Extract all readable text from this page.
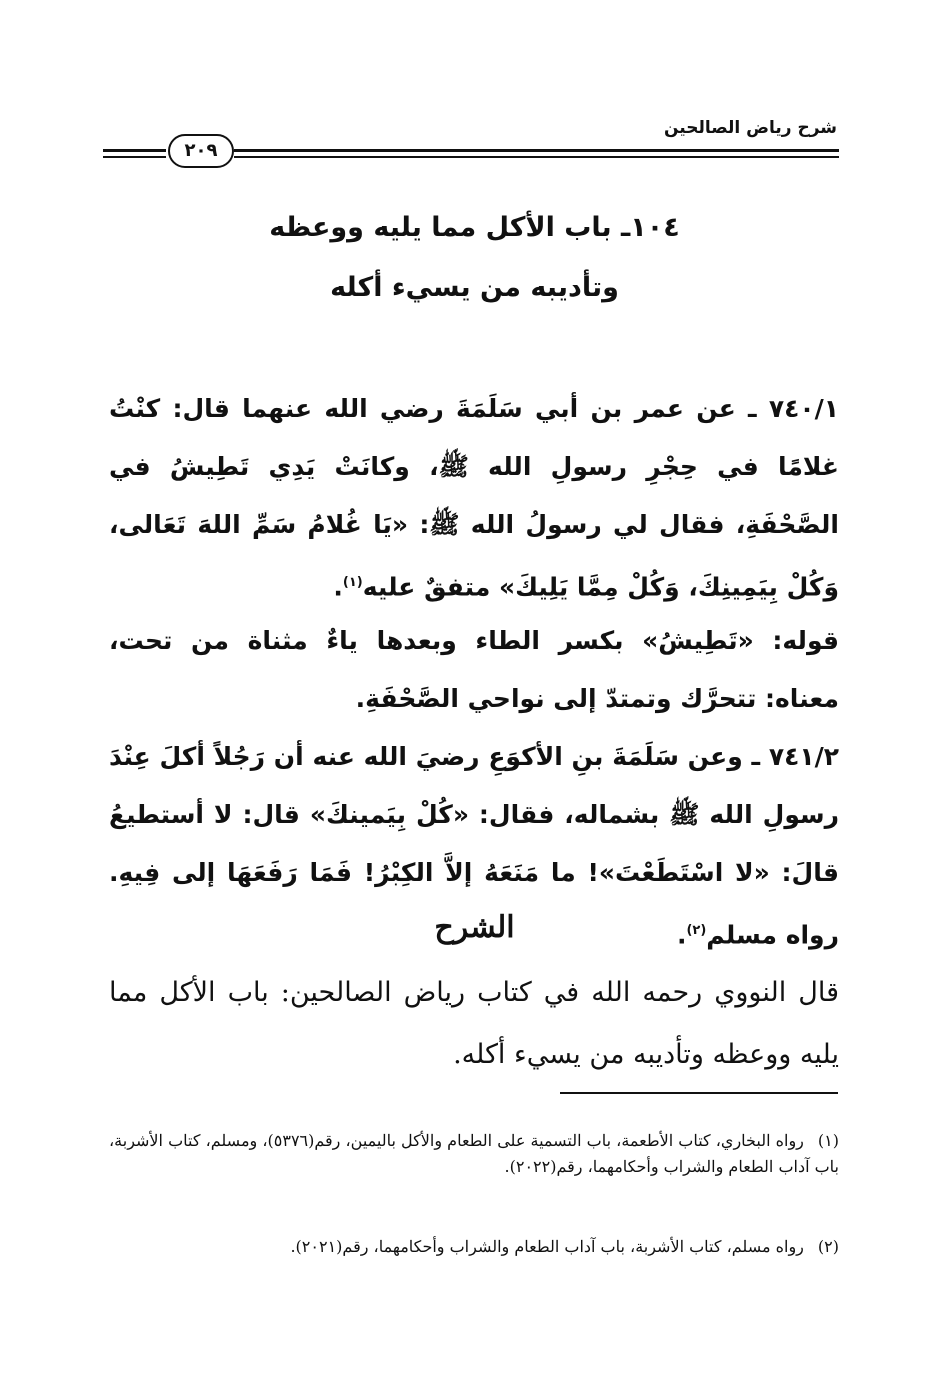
شرح رياض الصالحين
٢٠٩
١٠٤ـ باب الأكل مما يليه ووعظه
وتأديبه من يسيء أكله
٧٤٠/١ ـ عن عمر بن أبي سَلَمَةَ رضي الله عنهما قال: كنْتُ غلامًا في حِجْرِ رسولِ الله ﷺ، وكانَتْ يَدِي تَطِيشُ في الصَّحْفَةِ، فقال لي رسولُ الله ﷺ: «يَا غُلامُ سَمِّ اللهَ تَعَالى، وَكُلْ بِيَمِينِكَ، وَكُلْ مِمَّا يَلِيكَ» متفقٌ عليه$^{(١)}$.
قوله: «تَطِيشُ» بكسر الطاء وبعدها ياءٌ مثناة من تحت، معناه: تتحرَّك وتمتدّ إلى نواحي الصَّحْفَةِ.
٧٤١/٢ ـ وعن سَلَمَةَ بنِ الأكوَعِ رضيَ الله عنه أن رَجُلاً أكلَ عِنْدَ رسولِ الله ﷺ بشماله، فقال: «كُلْ بِيَمينكَ» قال: لا أستطيعُ قالَ: «لا اسْتَطَعْتَ»! ما مَنَعَهُ إلاَّ الكِبْرُ! فَمَا رَفَعَهَا إلى فِيهِ. رواه مسلم$^{(٢)}$.
الشرح
قال النووي رحمه الله في كتاب رياض الصالحين: باب الأكل مما يليه ووعظه وتأديبه من يسيء أكله.
(١)رواه البخاري، كتاب الأطعمة، باب التسمية على الطعام والأكل باليمين، رقم(٥٣٧٦)، ومسلم، كتاب الأشربة، باب آداب الطعام والشراب وأحكامهما، رقم(٢٠٢٢).
(٢)رواه مسلم، كتاب الأشربة، باب آداب الطعام والشراب وأحكامهما، رقم(٢٠٢١).
